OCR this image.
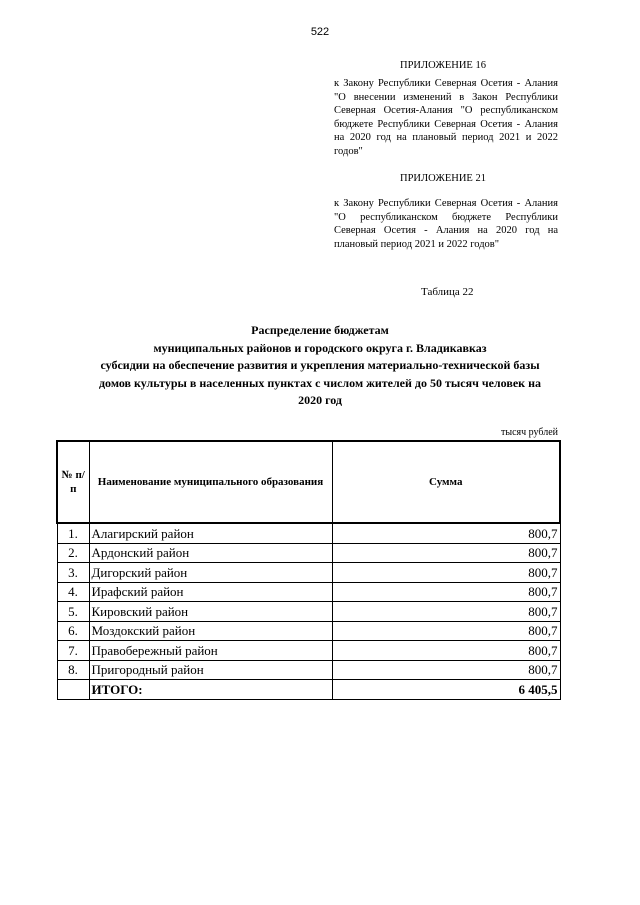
522
ПРИЛОЖЕНИЕ 16
к Закону Республики Северная Осетия - Алания "О внесении изменений в Закон Республики Северная Осетия-Алания "О республиканском бюджете Республики Северная Осетия - Алания на 2020 год на плановый период 2021 и 2022 годов"
ПРИЛОЖЕНИЕ 21
к Закону Республики Северная Осетия - Алания "О республиканском бюджете Республики Северная Осетия - Алания на 2020 год на плановый период 2021 и 2022 годов"
Таблица 22
Распределение бюджетам
муниципальных районов и городского округа г. Владикавказ
субсидии на обеспечение развития и укрепления материально-технической базы
домов культуры в населенных пунктах с числом жителей до 50 тысяч человек на
2020 год
тысяч рублей
№ п/п	Наименование муниципального образования	Сумма
1.	Алагирский район	800,7
2.	Ардонский район	800,7
3.	Дигорский район	800,7
4.	Ирафский район	800,7
5.	Кировский район	800,7
6.	Моздокский район	800,7
7.	Правобережный район	800,7
8.	Пригородный район	800,7
	ИТОГО:	6 405,5
